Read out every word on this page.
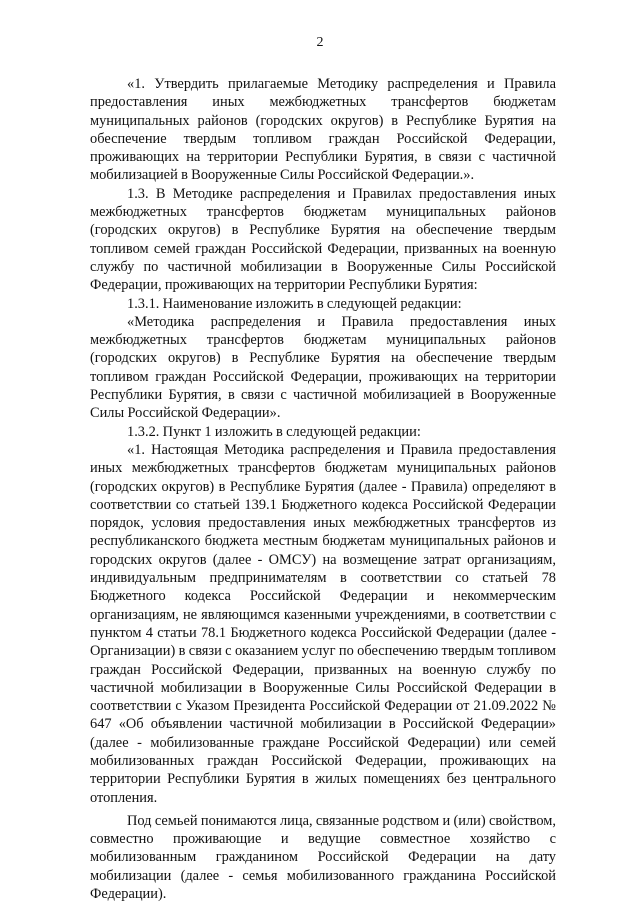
2

«1. Утвердить прилагаемые Методику распределения и Правила предоставления иных межбюджетных трансфертов бюджетам муниципальных районов (городских округов) в Республике Бурятия на обеспечение твердым топливом граждан Российской Федерации, проживающих на территории Республики Бурятия, в связи с частичной мобилизацией в Вооруженные Силы Российской Федерации.».

1.3. В Методике распределения и Правилах предоставления иных межбюджетных трансфертов бюджетам муниципальных районов (городских округов) в Республике Бурятия на обеспечение твердым топливом семей граждан Российской Федерации, призванных на военную службу по частичной мобилизации в Вооруженные Силы Российской Федерации, проживающих на территории Республики Бурятия:

1.3.1. Наименование изложить в следующей редакции:

«Методика распределения и Правила предоставления иных межбюджетных трансфертов бюджетам муниципальных районов (городских округов) в Республике Бурятия на обеспечение твердым топливом граждан Российской Федерации, проживающих на территории Республики Бурятия, в связи с частичной мобилизацией в Вооруженные Силы Российской Федерации».

1.3.2. Пункт 1 изложить в следующей редакции:

«1. Настоящая Методика распределения и Правила предоставления иных межбюджетных трансфертов бюджетам муниципальных районов (городских округов) в Республике Бурятия (далее - Правила) определяют в соответствии со статьей 139.1 Бюджетного кодекса Российской Федерации порядок, условия предоставления иных межбюджетных трансфертов из республиканского бюджета местным бюджетам муниципальных районов и городских округов (далее - ОМСУ) на возмещение затрат организациям, индивидуальным предпринимателям в соответствии со статьей 78 Бюджетного кодекса Российской Федерации и некоммерческим организациям, не являющимся казенными учреждениями, в соответствии с пунктом 4 статьи 78.1 Бюджетного кодекса Российской Федерации (далее - Организации) в связи с оказанием услуг по обеспечению твердым топливом граждан Российской Федерации, призванных на военную службу по частичной мобилизации в Вооруженные Силы Российской Федерации в соответствии с Указом Президента Российской Федерации от 21.09.2022 № 647 «Об объявлении частичной мобилизации в Российской Федерации» (далее - мобилизованные граждане Российской Федерации) или семей мобилизованных граждан Российской Федерации, проживающих на территории Республики Бурятия в жилых помещениях без центрального отопления.

Под семьей понимаются лица, связанные родством и (или) свойством, совместно проживающие и ведущие совместное хозяйство с мобилизованным гражданином Российской Федерации на дату мобилизации (далее - семья мобилизованного гражданина Российской Федерации).
